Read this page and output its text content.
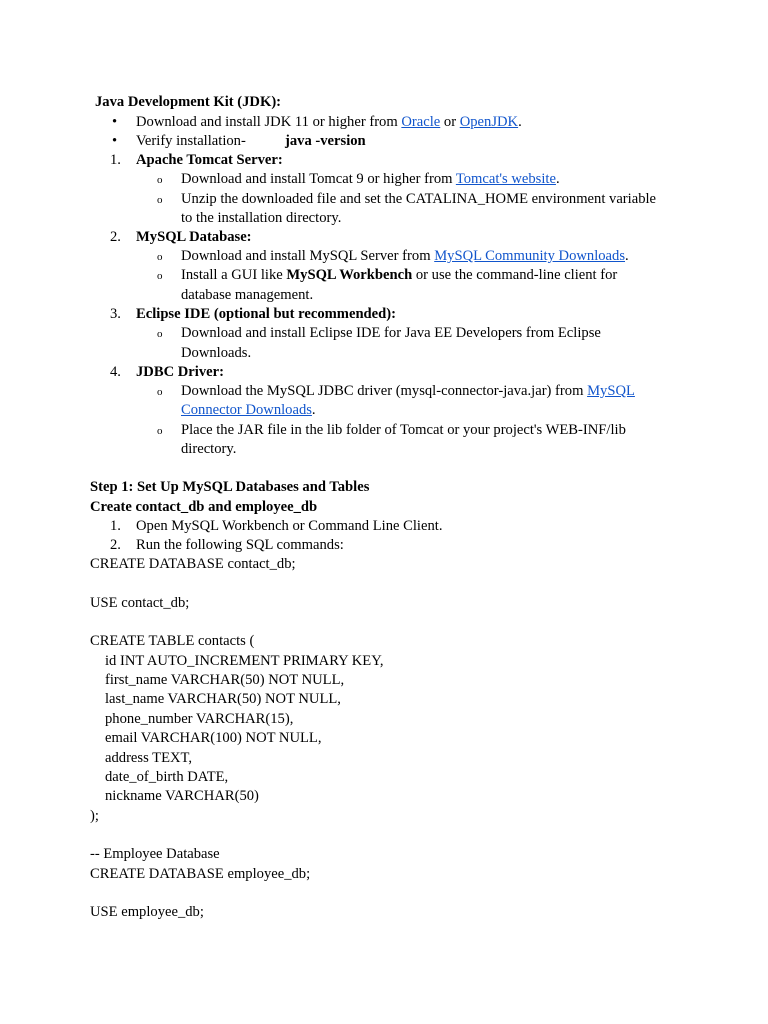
Java Development Kit (JDK):
• Download and install JDK 11 or higher from Oracle or OpenJDK.
• Verify installation-	java -version
1. Apache Tomcat Server:
o Download and install Tomcat 9 or higher from Tomcat's website.
o Unzip the downloaded file and set the CATALINA_HOME environment variable
to the installation directory.
2. MySQL Database:
o Download and install MySQL Server from MySQL Community Downloads.
o Install a GUI like MySQL Workbench or use the command-line client for
database management.
3. Eclipse IDE (optional but recommended):
o Download and install Eclipse IDE for Java EE Developers from Eclipse
Downloads.
4. JDBC Driver:
o Download the MySQL JDBC driver (mysql-connector-java.jar) from MySQL
Connector Downloads.
o Place the JAR file in the lib folder of Tomcat or your project's WEB-INF/lib
directory.
Step 1: Set Up MySQL Databases and Tables
Create contact_db and employee_db
1. Open MySQL Workbench or Command Line Client.
2. Run the following SQL commands:
CREATE DATABASE contact_db;
USE contact_db;
CREATE TABLE contacts (
id INT AUTO_INCREMENT PRIMARY KEY,
first_name VARCHAR(50) NOT NULL,
last_name VARCHAR(50) NOT NULL,
phone_number VARCHAR(15),
email VARCHAR(100) NOT NULL,
address TEXT,
date_of_birth DATE,
nickname VARCHAR(50)
);
-- Employee Database
CREATE DATABASE employee_db;
USE employee_db;
